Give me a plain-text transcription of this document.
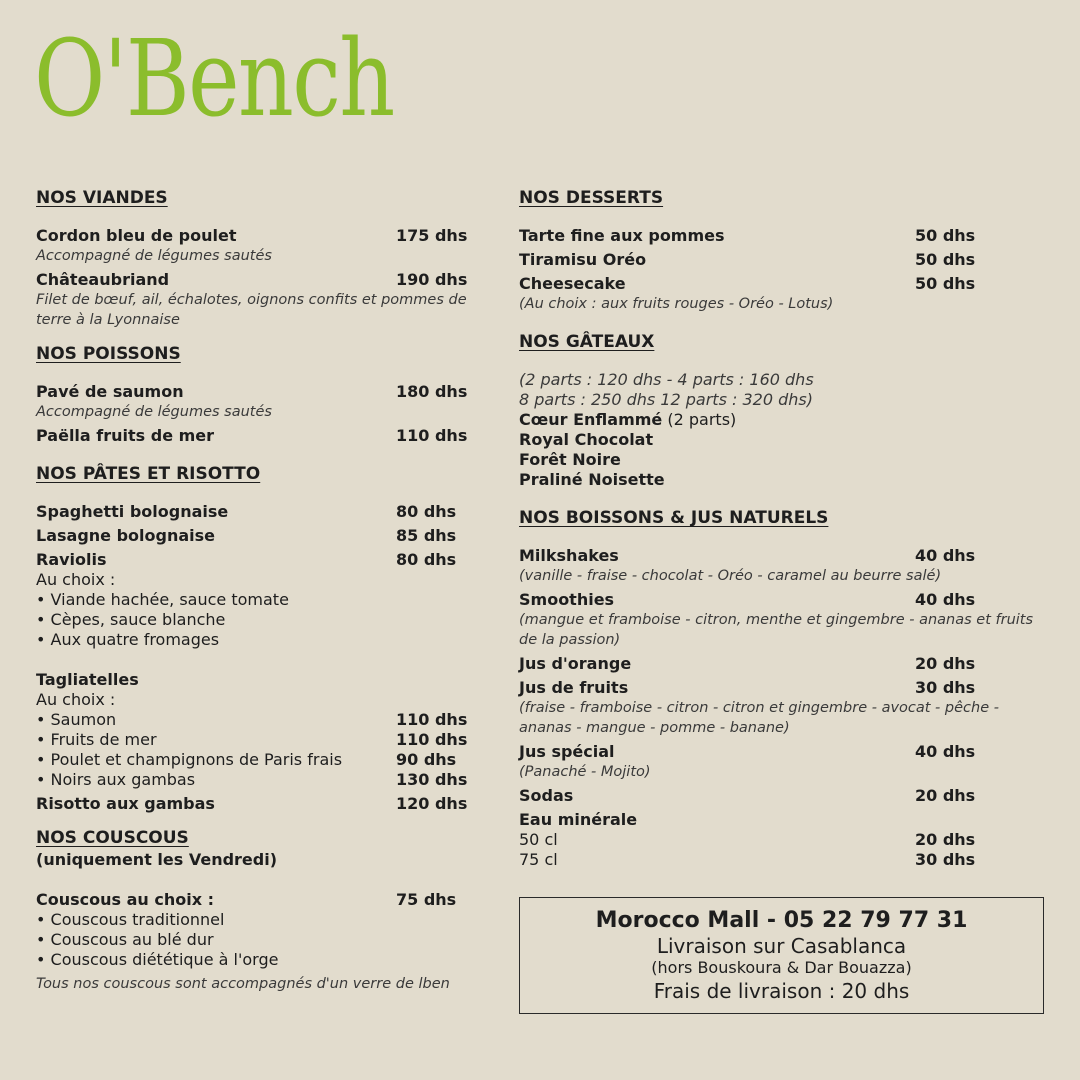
O'Bench
NOS VIANDES
Cordon bleu de poulet	175 dhs
Accompagné de légumes sautés
Châteaubriand	190 dhs
Filet de bœuf, ail, échalotes, oignons confits et pommes de terre à la Lyonnaise
NOS POISSONS
Pavé de saumon	180 dhs
Accompagné de légumes sautés
Paëlla fruits de mer	110 dhs
NOS PÂTES ET RISOTTO
Spaghetti bolognaise	80 dhs
Lasagne bolognaise	85 dhs
Raviolis	80 dhs
Au choix :
• Viande hachée, sauce tomate
• Cèpes, sauce blanche
• Aux quatre fromages
Tagliatelles
Au choix :
• Saumon	110 dhs
• Fruits de mer	110 dhs
• Poulet et champignons de Paris frais	90 dhs
• Noirs aux gambas	130 dhs
Risotto aux gambas	120 dhs
NOS COUSCOUS
(uniquement les Vendredi)
Couscous au choix :	75 dhs
• Couscous traditionnel
• Couscous au blé dur
• Couscous diététique à l'orge
Tous nos couscous sont accompagnés d'un verre de lben
NOS DESSERTS
Tarte fine aux pommes	50 dhs
Tiramisu Oréo	50 dhs
Cheesecake	50 dhs
(Au choix : aux fruits rouges - Oréo - Lotus)
NOS GÂTEAUX
(2 parts : 120 dhs - 4 parts : 160 dhs
8 parts : 250 dhs 12 parts : 320 dhs)
Cœur Enflammé (2 parts)
Royal Chocolat
Forêt Noire
Praliné Noisette
NOS BOISSONS & JUS NATURELS
Milkshakes	40 dhs
(vanille - fraise - chocolat - Oréo - caramel au beurre salé)
Smoothies	40 dhs
(mangue et framboise - citron, menthe et gingembre - ananas et fruits de la passion)
Jus d'orange	20 dhs
Jus de fruits	30 dhs
(fraise - framboise - citron - citron et gingembre - avocat - pêche - ananas - mangue - pomme - banane)
Jus spécial	40 dhs
(Panaché - Mojito)
Sodas	20 dhs
Eau minérale
50 cl	20 dhs
75 cl	30 dhs
Morocco Mall - 05 22 79 77 31
Livraison sur Casablanca
(hors Bouskoura & Dar Bouazza)
Frais de livraison : 20 dhs
